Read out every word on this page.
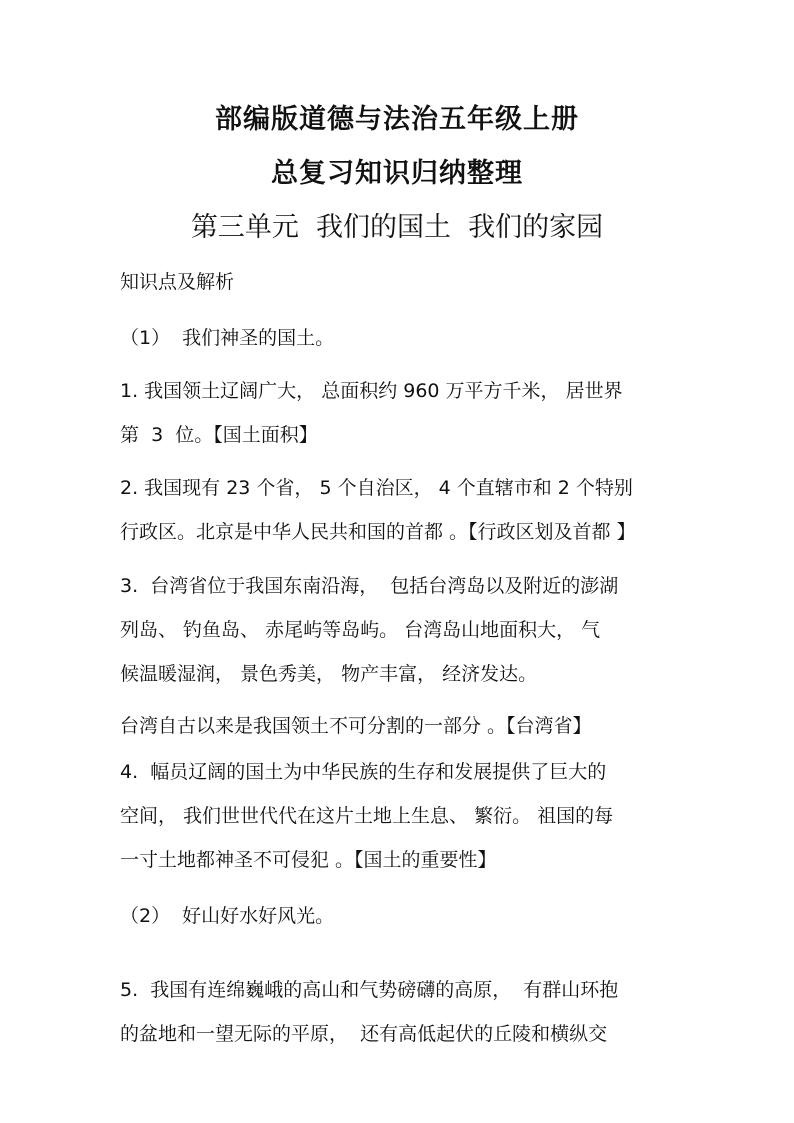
部编版道德与法治五年级上册
总复习知识归纳整理
第三单元  我们的国土  我们的家园
知识点及解析
（1）  我们神圣的国土。
1. 我国领土辽阔广大， 总面积约 960 万平方千米， 居世界
第  3  位。【国土面积】
2. 我国现有 23 个省， 5 个自治区， 4 个直辖市和 2 个特别
行政区。北京是中华人民共和国的首都 。【行政区划及首都 】
3.  台湾省位于我国东南沿海，  包括台湾岛以及附近的澎湖
列岛、 钓鱼岛、 赤尾屿等岛屿。 台湾岛山地面积大， 气
候温暖湿润， 景色秀美， 物产丰富， 经济发达。
台湾自古以来是我国领土不可分割的一部分 。【台湾省】
4.  幅员辽阔的国土为中华民族的生存和发展提供了巨大的
空间， 我们世世代代在这片土地上生息、 繁衍。 祖国的每
一寸土地都神圣不可侵犯 。【国土的重要性】
（2）  好山好水好风光。
5.  我国有连绵巍峨的高山和气势磅礴的高原，  有群山环抱
的盆地和一望无际的平原，  还有高低起伏的丘陵和横纵交
